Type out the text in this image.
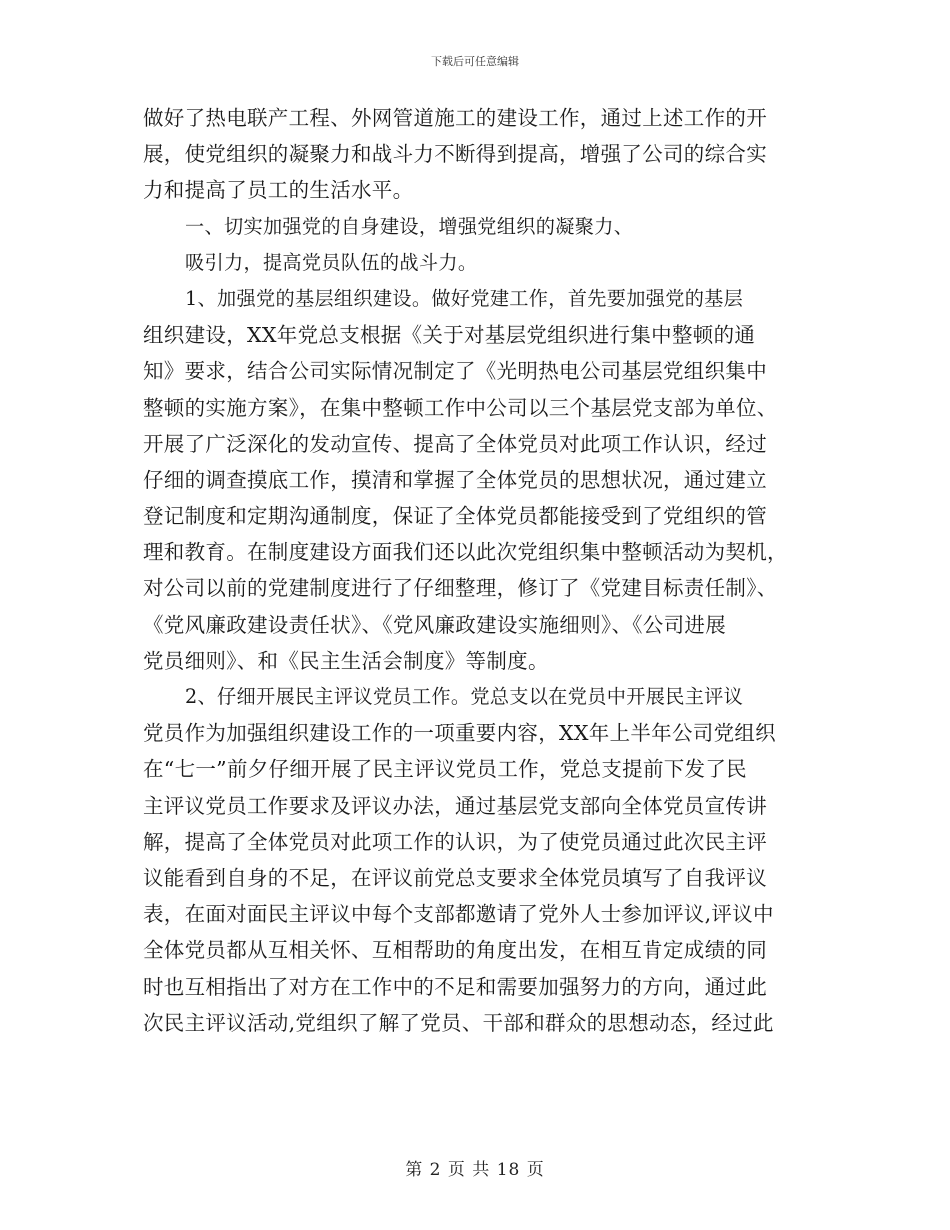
下载后可任意编辑
做好了热电联产工程、外网管道施工的建设工作，通过上述工作的开
展，使党组织的凝聚力和战斗力不断得到提高，增强了公司的综合实
力和提高了员工的生活水平。
一、切实加强党的自身建设，增强党组织的凝聚力、
吸引力，提高党员队伍的战斗力。
1、加强党的基层组织建设。做好党建工作，首先要加强党的基层
组织建设，XX年党总支根据《关于对基层党组织进行集中整顿的通
知》要求，结合公司实际情况制定了《光明热电公司基层党组织集中
整顿的实施方案》，在集中整顿工作中公司以三个基层党支部为单位、
开展了广泛深化的发动宣传、提高了全体党员对此项工作认识，经过
仔细的调查摸底工作，摸清和掌握了全体党员的思想状况，通过建立
登记制度和定期沟通制度，保证了全体党员都能接受到了党组织的管
理和教育。在制度建设方面我们还以此次党组织集中整顿活动为契机，
对公司以前的党建制度进行了仔细整理，修订了《党建目标责任制》、
《党风廉政建设责任状》、《党风廉政建设实施细则》、《公司进展
党员细则》、和《民主生活会制度》等制度。
2、仔细开展民主评议党员工作。党总支以在党员中开展民主评议
党员作为加强组织建设工作的一项重要内容，XX年上半年公司党组织
在“七一”前夕仔细开展了民主评议党员工作，党总支提前下发了民
主评议党员工作要求及评议办法，通过基层党支部向全体党员宣传讲
解，提高了全体党员对此项工作的认识，为了使党员通过此次民主评
议能看到自身的不足，在评议前党总支要求全体党员填写了自我评议
表，在面对面民主评议中每个支部都邀请了党外人士参加评议,评议中
全体党员都从互相关怀、互相帮助的角度出发，在相互肯定成绩的同
时也互相指出了对方在工作中的不足和需要加强努力的方向，通过此
次民主评议活动,党组织了解了党员、干部和群众的思想动态，经过此
第 2 页 共 18 页
